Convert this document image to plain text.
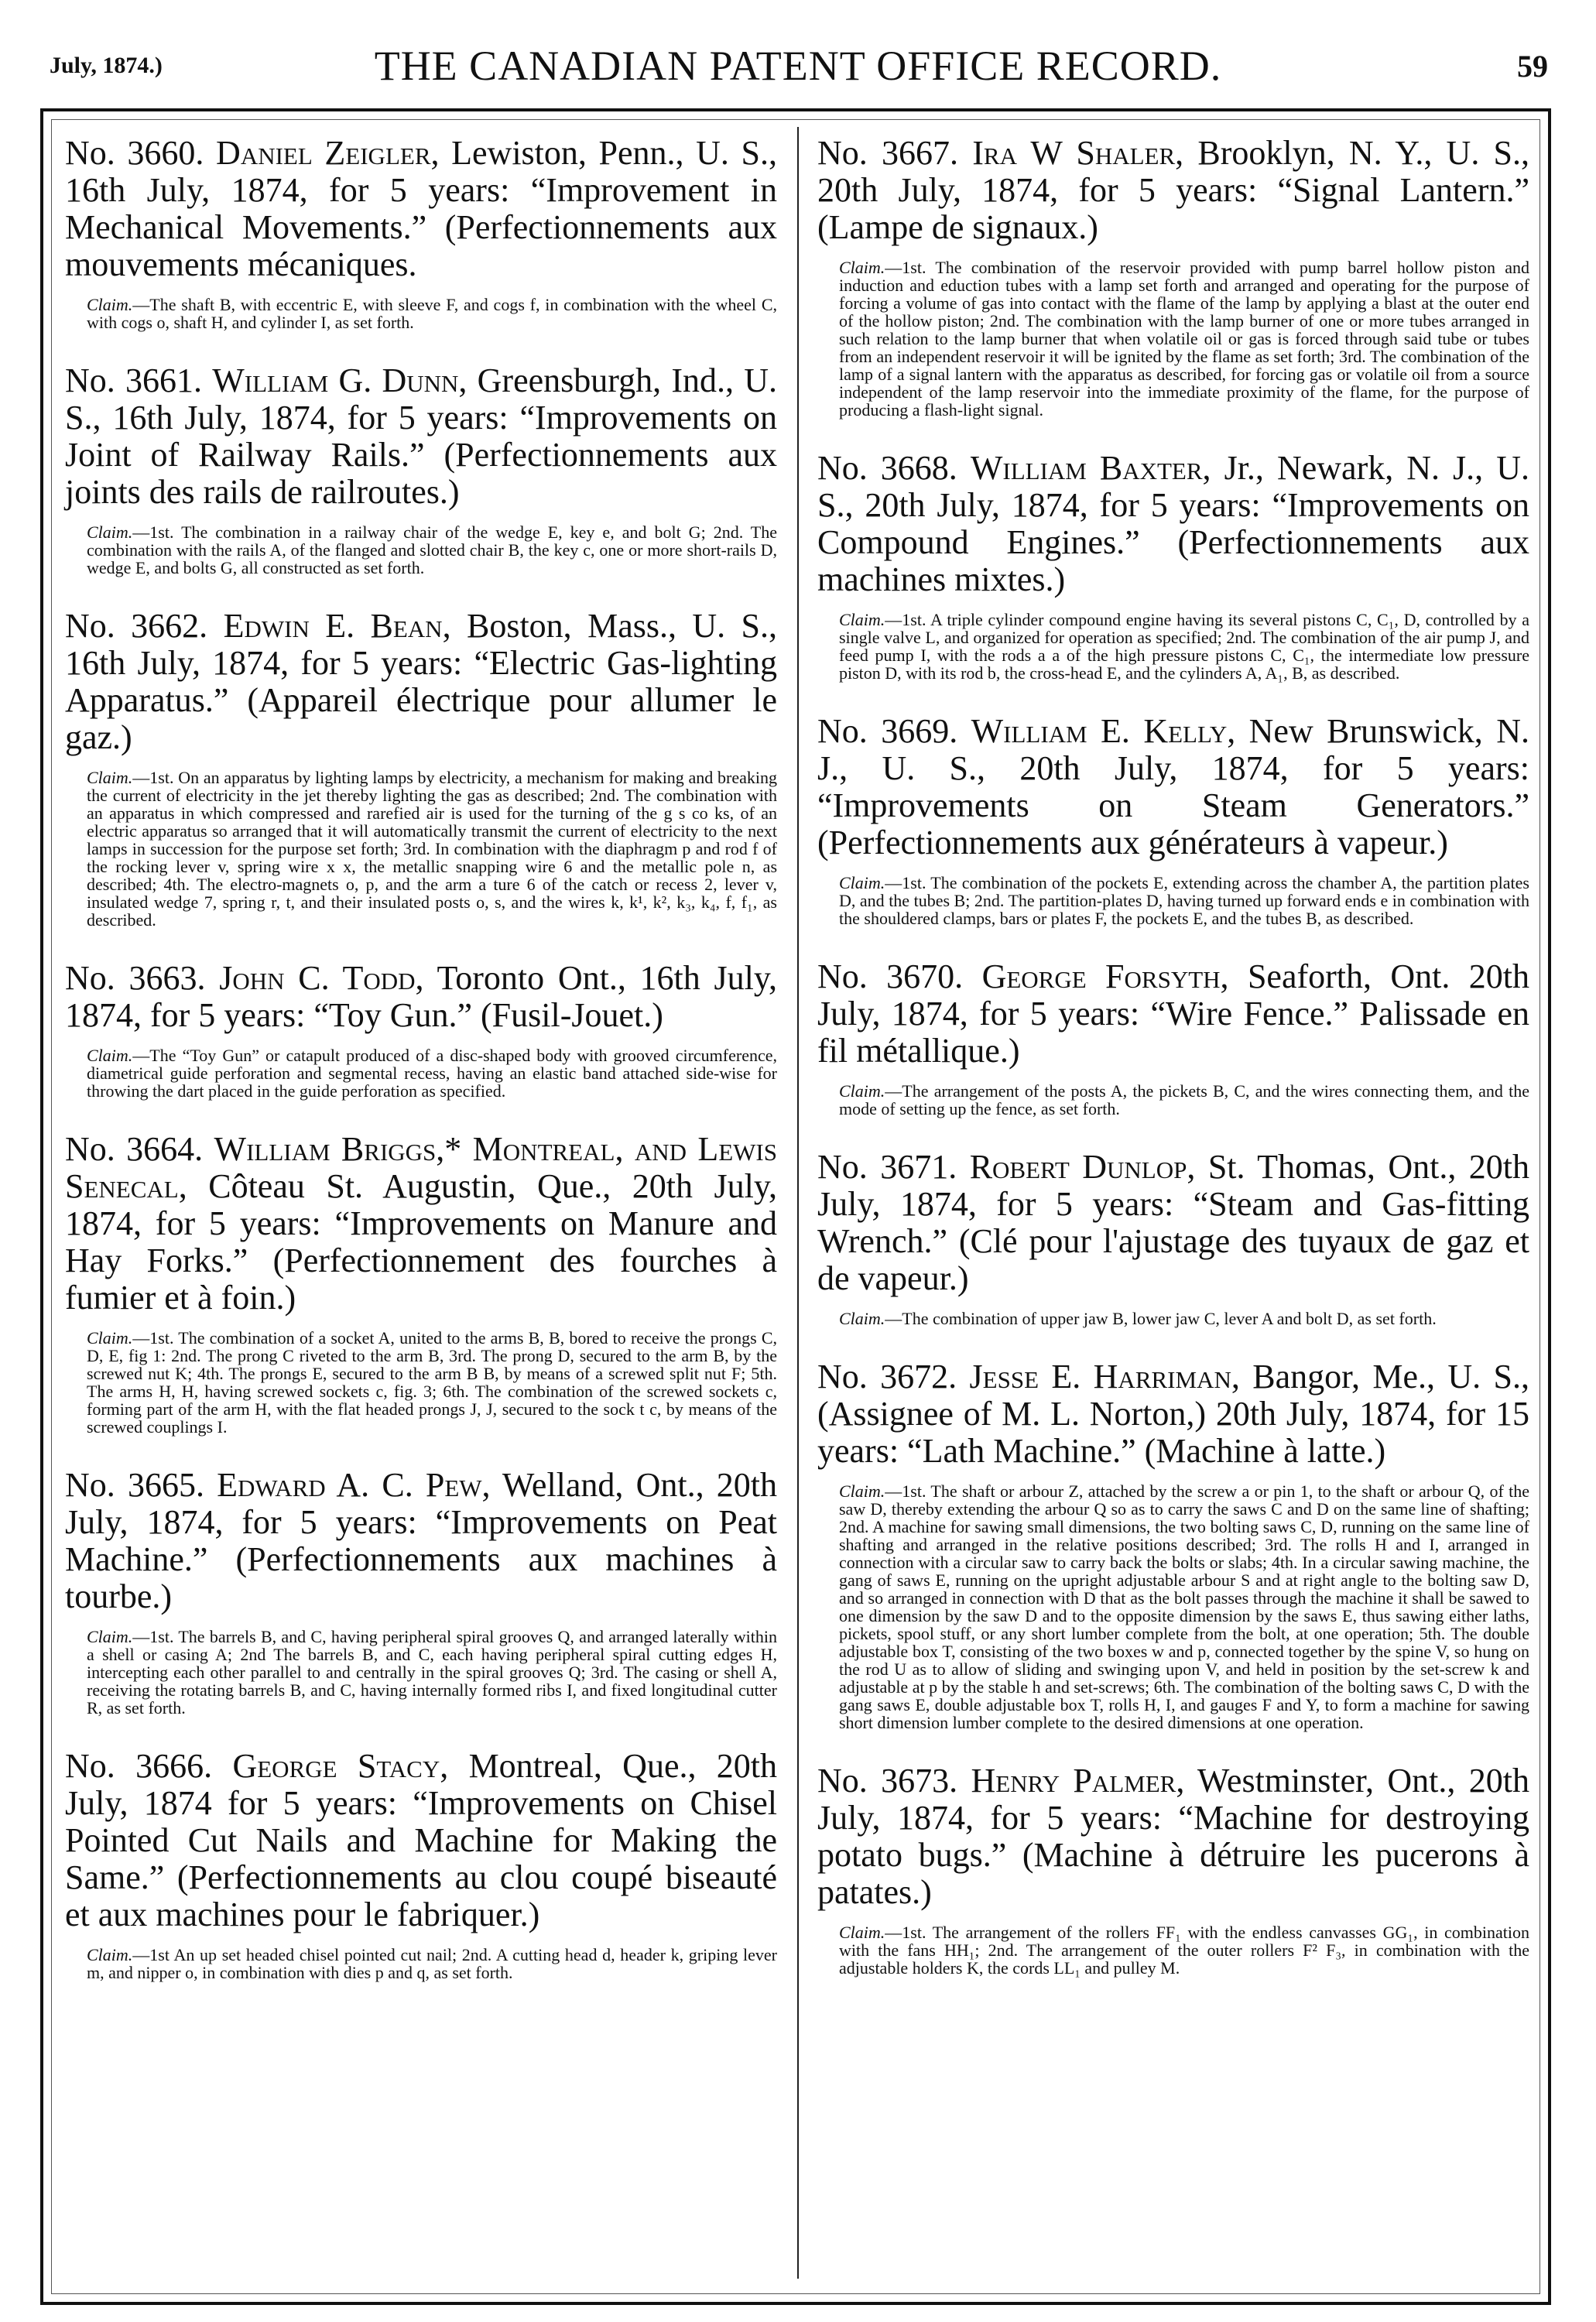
July, 1874.)	THE CANADIAN PATENT OFFICE RECORD.	59

No. 3660. Daniel Zeigler, Lewiston, Penn., U. S., 16th July, 1874, for 5 years: “Improvement in Mechanical Movements.” (Perfectionnements aux mouvements mécaniques.

Claim.—The shaft B, with eccentric E, with sleeve F, and cogs f, in combination with the wheel C, with cogs o, shaft H, and cylinder I, as set forth.

No. 3661. William G. Dunn, Greensburgh, Ind., U. S., 16th July, 1874, for 5 years: “Improvements on Joint of Railway Rails.” (Perfectionnements aux joints des rails de railroutes.)

Claim.—1st. The combination in a railway chair of the wedge E, key e, and bolt G; 2nd. The combination with the rails A, of the flanged and slotted chair B, the key c, one or more short-rails D, wedge E, and bolts G, all constructed as set forth.

No. 3662. Edwin E. Bean, Boston, Mass., U. S., 16th July, 1874, for 5 years: “Electric Gas-lighting Apparatus.” (Appareil électrique pour allumer le gaz.)

Claim.—1st. On an apparatus by lighting lamps by electricity, a mechanism for making and breaking the current of electricity in the jet thereby lighting the gas as described; 2nd. The combination with an apparatus in which compressed and rarefied air is used for the turning of the g s co ks, of an electric apparatus so arranged that it will automatically transmit the current of electricity to the next lamps in succession for the purpose set forth; 3rd. In combination with the diaphragm p and rod f of the rocking lever v, spring wire x x, the metallic snapping wire 6 and the metallic pole n, as described; 4th. The electro-magnets o, p, and the arm a ture 6 of the catch or recess 2, lever v, insulated wedge 7, spring r, t, and their insulated posts o, s, and the wires k, k¹, k², k₃, k₄, f, f₁, as described.

No. 3663. John C. Todd, Toronto Ont., 16th July, 1874, for 5 years: “Toy Gun.” (Fusil-Jouet.)

Claim.—The “Toy Gun” or catapult produced of a disc-shaped body with grooved circumference, diametrical guide perforation and segmental recess, having an elastic band attached side-wise for throwing the dart placed in the guide perforation as specified.

No. 3664. William Briggs,* Montreal, and Lewis Senecal, Côteau St. Augustin, Que., 20th July, 1874, for 5 years: “Improvements on Manure and Hay Forks.” (Perfectionnement des fourches à fumier et à foin.)

Claim.—1st. The combination of a socket A, united to the arms B, B, bored to receive the prongs C, D, E, fig 1: 2nd. The prong C riveted to the arm B, 3rd. The prong D, secured to the arm B, by the screwed nut K; 4th. The prongs E, secured to the arm B B, by means of a screwed split nut F; 5th. The arms H, H, having screwed sockets c, fig. 3; 6th. The combination of the screwed sockets c, forming part of the arm H, with the flat headed prongs J, J, secured to the sock t c, by means of the screwed couplings I.

No. 3665. Edward A. C. Pew, Welland, Ont., 20th July, 1874, for 5 years: “Improvements on Peat Machine.” (Perfectionnements aux machines à tourbe.)

Claim.—1st. The barrels B, and C, having peripheral spiral grooves Q, and arranged laterally within a shell or casing A; 2nd The barrels B, and C, each having peripheral spiral cutting edges H, intercepting each other parallel to and centrally in the spiral grooves Q; 3rd. The casing or shell A, receiving the rotating barrels B, and C, having internally formed ribs I, and fixed longitudinal cutter R, as set forth.

No. 3666. George Stacy, Montreal, Que., 20th July, 1874 for 5 years: “Improvements on Chisel Pointed Cut Nails and Machine for Making the Same.” (Perfectionnements au clou coupé biseauté et aux machines pour le fabriquer.)

Claim.—1st An up set headed chisel pointed cut nail; 2nd. A cutting head d, header k, griping lever m, and nipper o, in combination with dies p and q, as set forth.

No. 3667. Ira W Shaler, Brooklyn, N. Y., U. S., 20th July, 1874, for 5 years: “Signal Lantern.” (Lampe de signaux.)

Claim.—1st. The combination of the reservoir provided with pump barrel hollow piston and induction and eduction tubes with a lamp set forth and arranged and operating for the purpose of forcing a volume of gas into contact with the flame of the lamp by applying a blast at the outer end of the hollow piston; 2nd. The combination with the lamp burner of one or more tubes arranged in such relation to the lamp burner that when volatile oil or gas is forced through said tube or tubes from an independent reservoir it will be ignited by the flame as set forth; 3rd. The combination of the lamp of a signal lantern with the apparatus as described, for forcing gas or volatile oil from a source independent of the lamp reservoir into the immediate proximity of the flame, for the purpose of producing a flash-light signal.

No. 3668. William Baxter, Jr., Newark, N. J., U. S., 20th July, 1874, for 5 years: “Improvements on Compound Engines.” (Perfectionnements aux machines mixtes.)

Claim.—1st. A triple cylinder compound engine having its several pistons C, C₁, D, controlled by a single valve L, and organized for operation as specified; 2nd. The combination of the air pump J, and feed pump I, with the rods a a of the high pressure pistons C, C₁, the intermediate low pressure piston D, with its rod b, the cross-head E, and the cylinders A, A₁, B, as described.

No. 3669. William E. Kelly, New Brunswick, N. J., U. S., 20th July, 1874, for 5 years: “Improvements on Steam Generators.” (Perfectionnements aux générateurs à vapeur.)

Claim.—1st. The combination of the pockets E, extending across the chamber A, the partition plates D, and the tubes B; 2nd. The partition-plates D, having turned up forward ends e in combination with the shouldered clamps, bars or plates F, the pockets E, and the tubes B, as described.

No. 3670. George Forsyth, Seaforth, Ont. 20th July, 1874, for 5 years: “Wire Fence.” Palissade en fil métallique.)

Claim.—The arrangement of the posts A, the pickets B, C, and the wires connecting them, and the mode of setting up the fence, as set forth.

No. 3671. Robert Dunlop, St. Thomas, Ont., 20th July, 1874, for 5 years: “Steam and Gas-fitting Wrench.” (Clé pour l'ajustage des tuyaux de gaz et de vapeur.)

Claim.—The combination of upper jaw B, lower jaw C, lever A and bolt D, as set forth.

No. 3672. Jesse E. Harriman, Bangor, Me., U. S., (Assignee of M. L. Norton,) 20th July, 1874, for 15 years: “Lath Machine.” (Machine à latte.)

Claim.—1st. The shaft or arbour Z, attached by the screw a or pin 1, to the shaft or arbour Q, of the saw D, thereby extending the arbour Q so as to carry the saws C and D on the same line of shafting; 2nd. A machine for sawing small dimensions, the two bolting saws C, D, running on the same line of shafting and arranged in the relative positions described; 3rd. The rolls H and I, arranged in connection with a circular saw to carry back the bolts or slabs; 4th. In a circular sawing machine, the gang of saws E, running on the upright adjustable arbour S and at right angle to the bolting saw D, and so arranged in connection with D that as the bolt passes through the machine it shall be sawed to one dimension by the saw D and to the opposite dimension by the saws E, thus sawing either laths, pickets, spool stuff, or any short lumber complete from the bolt, at one operation; 5th. The double adjustable box T, consisting of the two boxes w and p, connected together by the spine V, so hung on the rod U as to allow of sliding and swinging upon V, and held in position by the set-screw k and adjustable at p by the stable h and set-screws; 6th. The combination of the bolting saws C, D with the gang saws E, double adjustable box T, rolls H, I, and gauges F and Y, to form a machine for sawing short dimension lumber complete to the desired dimensions at one operation.

No. 3673. Henry Palmer, Westminster, Ont., 20th July, 1874, for 5 years: “Machine for destroying potato bugs.” (Machine à détruire les pucerons à patates.)

Claim.—1st. The arrangement of the rollers FF₁ with the endless canvasses GG₁, in combination with the fans HH₁; 2nd. The arrangement of the outer rollers F² F₃, in combination with the adjustable holders K, the cords LL₁ and pulley M.
